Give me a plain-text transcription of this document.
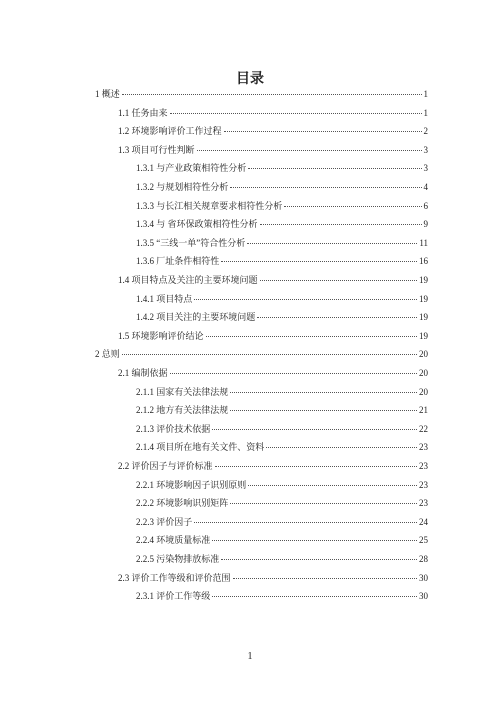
目录
1 概述	1
1.1 任务由来	1
1.2 环境影响评价工作过程	2
1.3 项目可行性判断	3
1.3.1 与产业政策相符性分析	3
1.3.2 与规划相符性分析	4
1.3.3 与长江相关规章要求相符性分析	6
1.3.4 与 省环保政策相符性分析	9
1.3.5 “三线一单”符合性分析	11
1.3.6 厂址条件相符性	16
1.4 项目特点及关注的主要环境问题	19
1.4.1 项目特点	19
1.4.2 项目关注的主要环境问题	19
1.5 环境影响评价结论	19
2 总则	20
2.1 编制依据	20
2.1.1 国家有关法律法规	20
2.1.2 地方有关法律法规	21
2.1.3 评价技术依据	22
2.1.4 项目所在地有关文件、资料	23
2.2 评价因子与评价标准	23
2.2.1 环境影响因子识别原则	23
2.2.2 环境影响识别矩阵	23
2.2.3 评价因子	24
2.2.4 环境质量标准	25
2.2.5 污染物排放标准	28
2.3 评价工作等级和评价范围	30
2.3.1 评价工作等级	30
1
